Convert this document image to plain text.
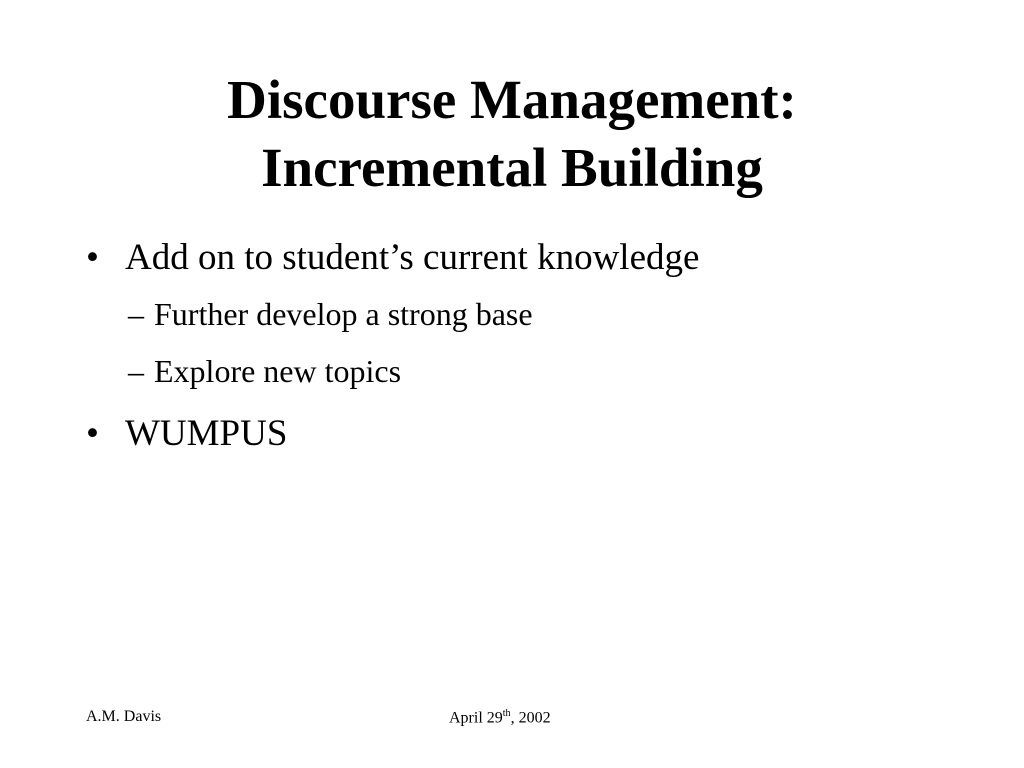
Discourse Management:
Incremental Building
• Add on to student’s current knowledge
– Further develop a strong base
– Explore new topics
• WUMPUS
A.M. Davis	April 29th, 2002
